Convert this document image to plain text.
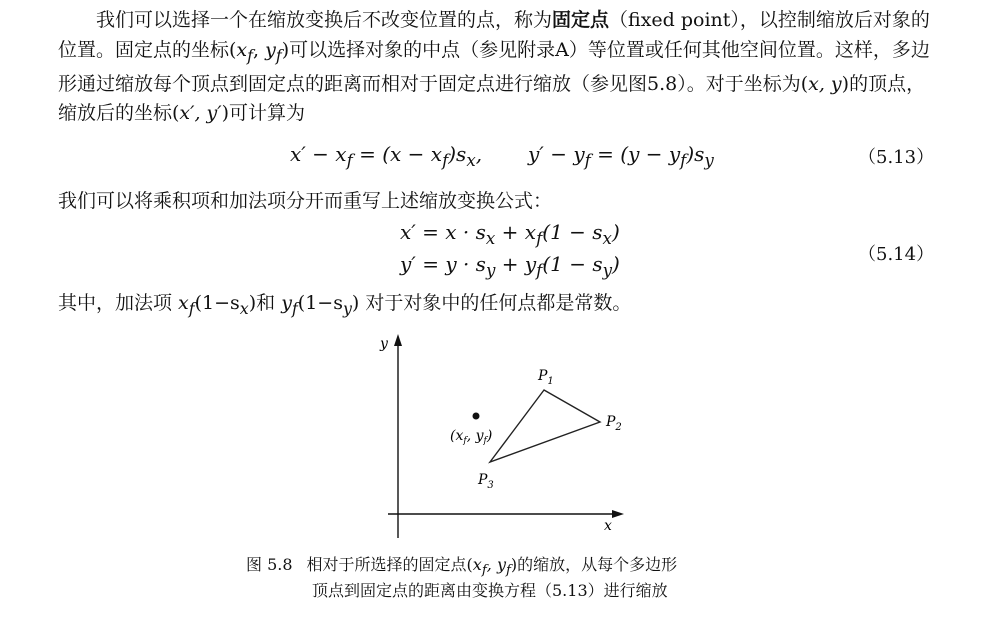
我们可以选择一个在缩放变换后不改变位置的点，称为固定点（fixed point），以控制缩放后对象的位置。固定点的坐标($x_f$, $y_f$)可以选择对象的中点（参见附录A）等位置或任何其他空间位置。这样，多边形通过缩放每个顶点到固定点的距离而相对于固定点进行缩放（参见图5.8）。对于坐标为(x, y)的顶点，缩放后的坐标(x′, y′)可计算为
$x' - x_f = (x - x_f)s_x$, $y' - y_f = (y - y_f)s_y$	（5.13）
我们可以将乘积项和加法项分开而重写上述缩放变换公式：
$x' = x \cdot s_x + x_f(1 - s_x)$
$y' = y \cdot s_y + y_f(1 - s_y)$	（5.14）
其中，加法项 $x_f(1-s_x)$和 $y_f(1-s_y)$ 对于对象中的任何点都是常数。
y
x
$P_1$
$P_2$
$P_3$
($x_f$, $y_f$)
图 5.8 相对于所选择的固定点($x_f$, $y_f$)的缩放，从每个多边形
顶点到固定点的距离由变换方程（5.13）进行缩放
